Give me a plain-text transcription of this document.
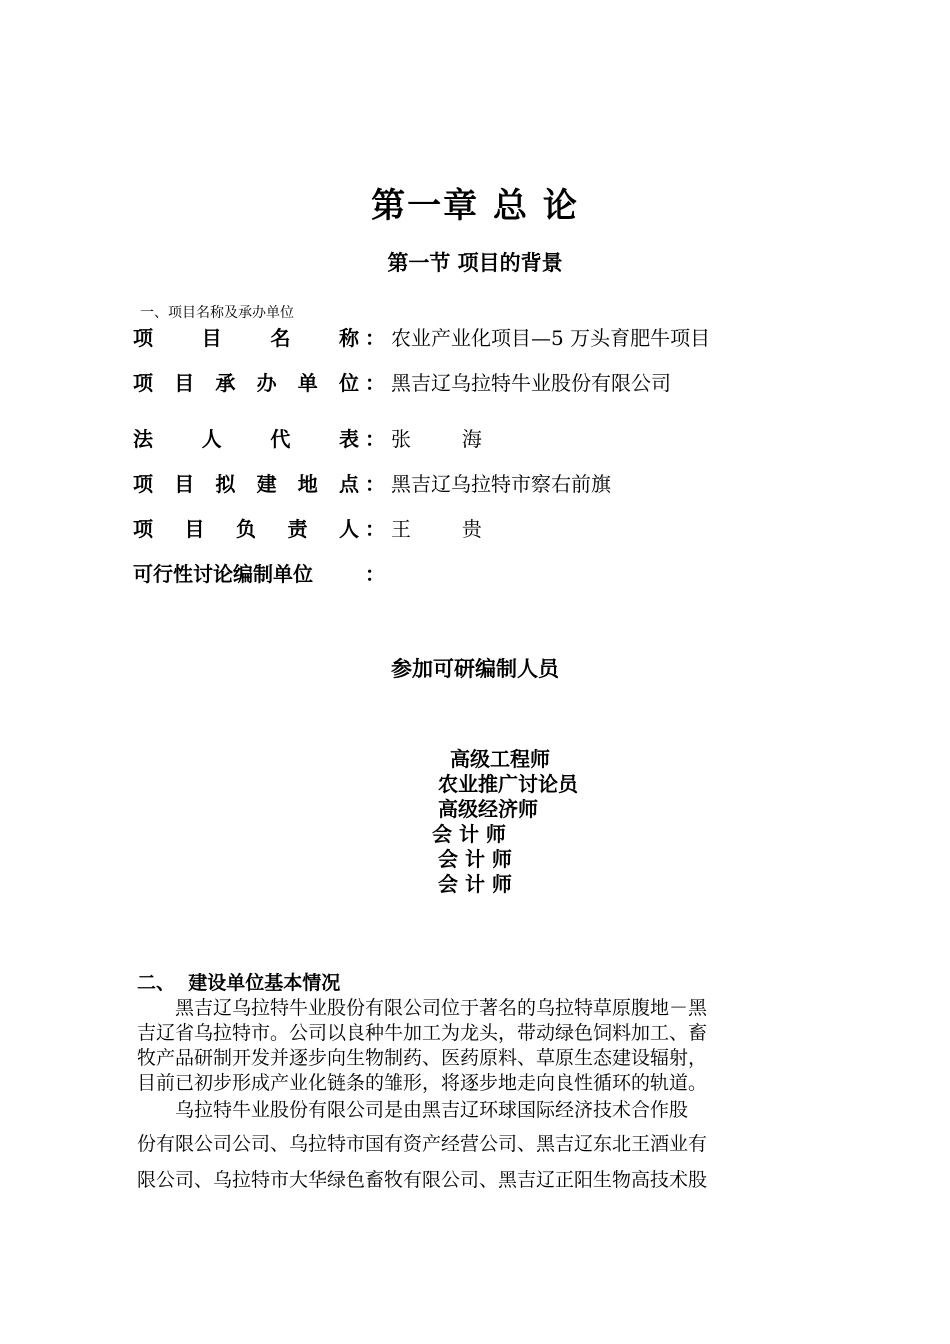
第一章 总 论
第一节 项目的背景
一、项目名称及承办单位
项目名称 ： 农业产业化项目—5 万头育肥牛项目
项目承办单位 ： 黑吉辽乌拉特牛业股份有限公司
法人代表 ： 张        海
项目拟建地点 ： 黑吉辽乌拉特市察右前旗
项目负责人 ： 王        贵
可行性讨论编制单位	：
参加可研编制人员
高级工程师
农业推广讨论员
高级经济师
会 计 师
会 计 师
会 计 师
二、  建设单位基本情况
　　黑吉辽乌拉特牛业股份有限公司位于著名的乌拉特草原腹地－黑
吉辽省乌拉特市。公司以良种牛加工为龙头，带动绿色饲料加工、畜
牧产品研制开发并逐步向生物制药、医药原料、草原生态建设辐射，
目前已初步形成产业化链条的雏形，将逐步地走向良性循环的轨道。
　　乌拉特牛业股份有限公司是由黑吉辽环球国际经济技术合作股
份有限公司公司、乌拉特市国有资产经营公司、黑吉辽东北王酒业有
限公司、乌拉特市大华绿色畜牧有限公司、黑吉辽正阳生物高技术股
